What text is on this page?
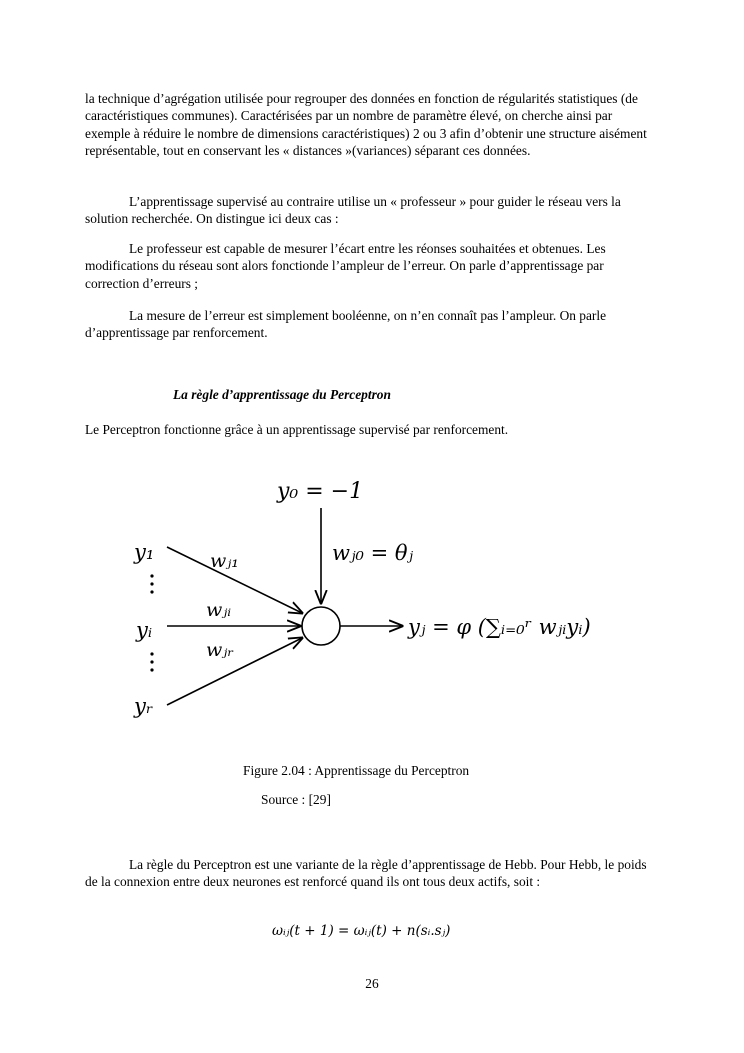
la technique d’agrégation utilisée pour regrouper des données en fonction de régularités statistiques (de caractéristiques communes). Caractérisées par un nombre de paramètre élevé, on cherche ainsi par exemple à réduire le nombre de dimensions caractéristiques) 2 ou 3 afin d’obtenir une structure aisément représentable, tout en conservant les « distances »(variances) séparant ces données.

L’apprentissage supervisé au contraire utilise un « professeur » pour guider le réseau vers la solution recherchée. On distingue ici deux cas :

Le professeur est capable de mesurer l’écart entre les réonses souhaitées et obtenues. Les modifications du réseau sont alors fonctionde l’ampleur de l’erreur. On parle d’apprentissage par correction d’erreurs ;

La mesure de l’erreur est simplement booléenne, on n’en connaît pas l’ampleur. On parle d’apprentissage par renforcement.

La règle d’apprentissage du Perceptron

Le Perceptron fonctionne grâce à un apprentissage supervisé par renforcement.

y₀ = −1
wⱼ₀ = θⱼ
y₁
yᵢ
yᵣ
wⱼ₁
wⱼᵢ
wⱼᵣ
yⱼ = φ (∑ᵢ₌₀ʳ wⱼᵢyᵢ)
Figure 2.04 : Apprentissage du Perceptron
Source : [29]

La règle du Perceptron est une variante de la règle d’apprentissage de Hebb. Pour Hebb, le poids de la connexion entre deux neurones est renforcé quand ils ont tous deux actifs, soit :

ωᵢⱼ(t + 1) = ωᵢⱼ(t) + n(sᵢ.sⱼ)
26
